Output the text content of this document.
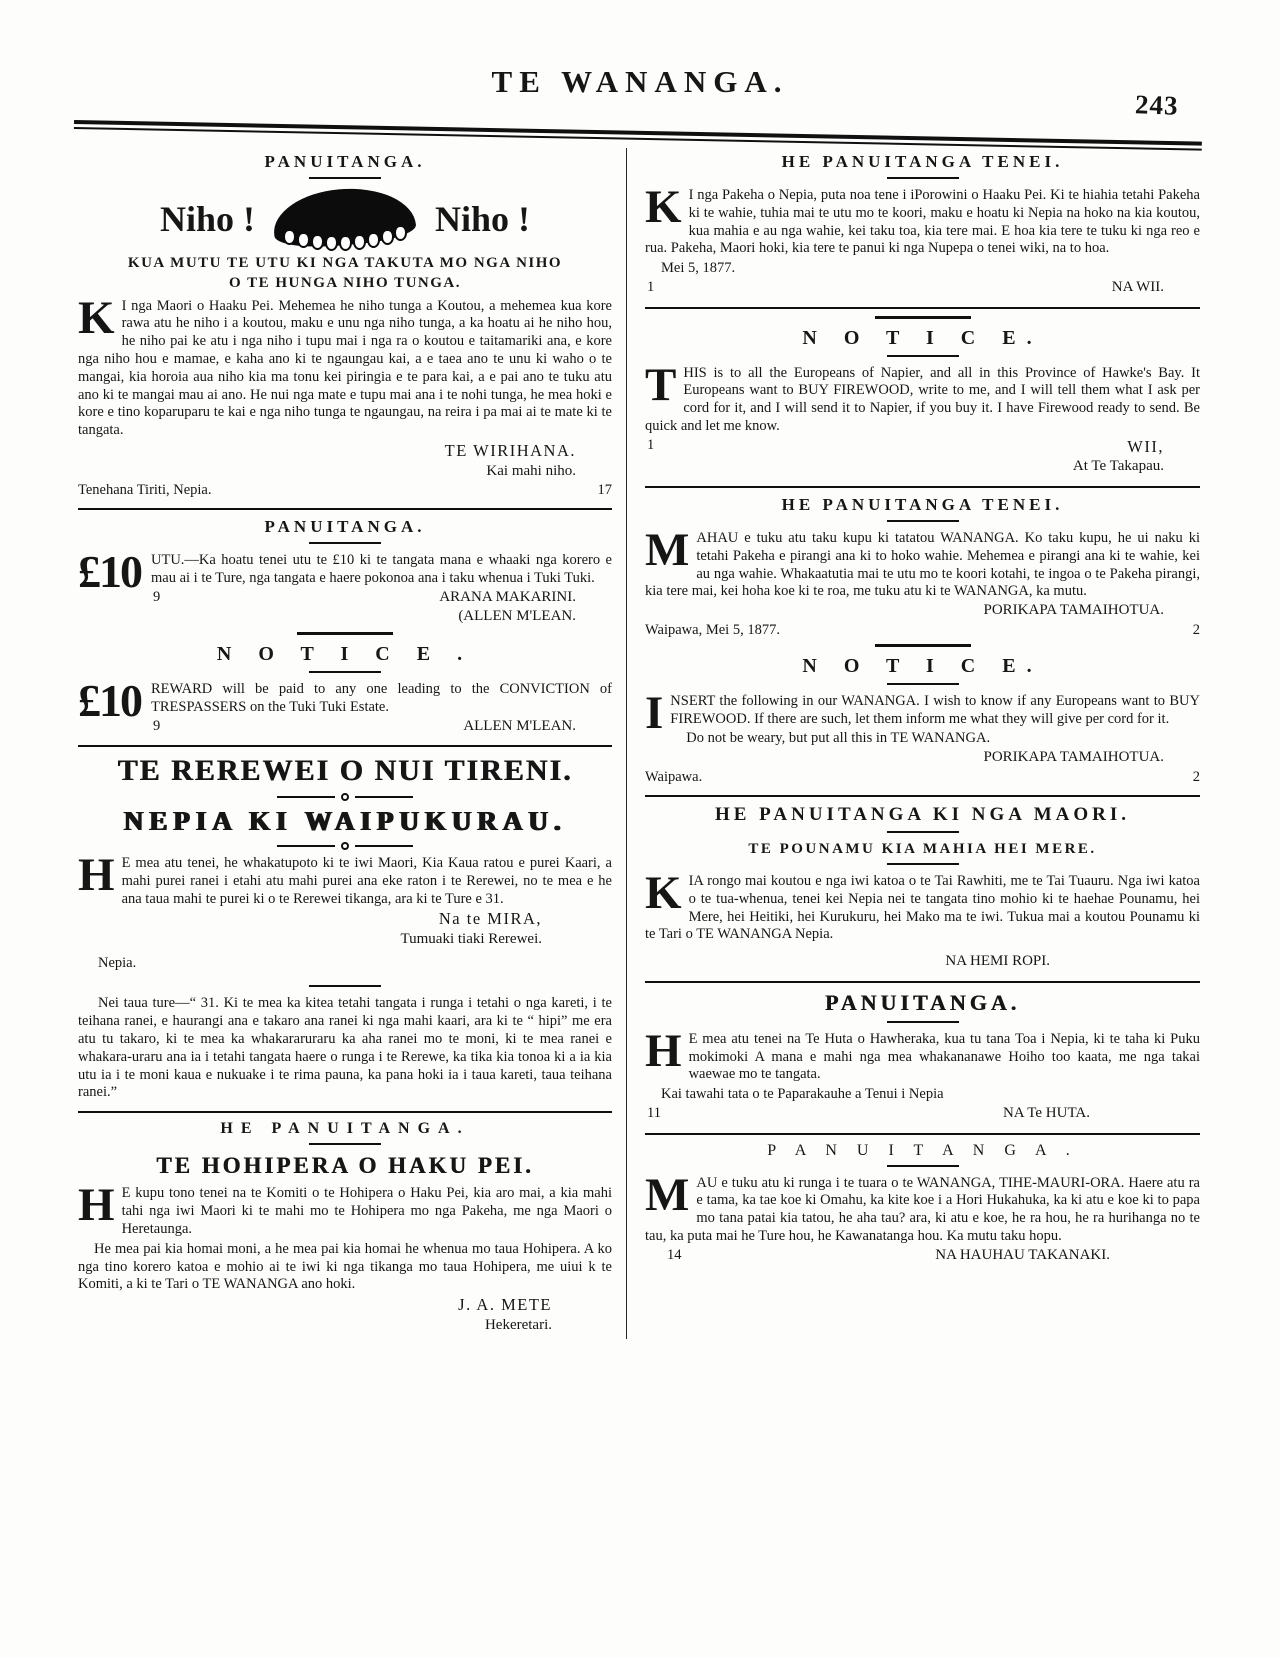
TE WANANGA.
243
PANUITANGA.
Niho !	Niho !
KUA MUTU TE UTU KI NGA TAKUTA MO NGA NIHO
O TE HUNGA NIHO TUNGA.

K I nga Maori o Haaku Pei. Mehemea he niho tunga a Koutou, a mehemea kua kore rawa atu he niho i a koutou, maku e unu nga niho tunga, a ka hoatu ai he niho hou, he niho pai ke atu i nga niho i tupu mai i nga ra o koutou e taitamariki ana, e kore nga niho hou e mamae, e kaha ano ki te ngaungau kai, a e taea ano te unu ki waho o te mangai, kia horoia aua niho kia ma tonu kei piringia e te para kai, a e pai ano te tuku atu ano ki te mangai mau ai ano. He nui nga mate e tupu mai ana i te nohi tunga, he mea hoki e kore e tino koparuparu te kai e nga niho tunga te ngaungau, na reira i pa mai ai te mate ki te tangata.

TE WIRIHANA.
Kai mahi niho.
Tenehana Tiriti, Nepia.	17
PANUITANGA.

£10 UTU.—Ka hoatu tenei utu te £10 ki te tangata mana e whaaki nga korero e mau ai i te Ture, nga tangata e haere pokonoa ana i taku whenua i Tuki Tuki.

9	ARANA MAKARINI.
(ALLEN M'LEAN.
N O T I C E .

£10 REWARD will be paid to any one leading to the CONVICTION of TRESPASSERS on the Tuki Tuki Estate.

9	ALLEN M'LEAN.
TE REREWEI O NUI TIRENI.
NEPIA KI WAIPUKURAU.

H E mea atu tenei, he whakatupoto ki te iwi Maori, Kia Kaua ratou e purei Kaari, a mahi purei ranei i etahi atu mahi purei ana eke raton i te Rerewei, no te mea e he ana taua mahi te purei ki o te Rerewei tikanga, ara ki te Ture e 31.

Na te MIRA,
Tumuaki tiaki Rerewei.

Nepia.

Nei taua ture—“ 31. Ki te mea ka kitea tetahi tangata i runga i tetahi o nga kareti, i te teihana ranei, e haurangi ana e takaro ana ranei ki nga mahi kaari, ara ki te “ hipi” me era atu tu takaro, ki te mea ka whakararuraru ka aha ranei mo te moni, ki te mea ranei e whakara-uraru ana ia i tetahi tangata haere o runga i te Rerewe, ka tika kia tonoa ki a ia kia utu ia i te moni kaua e nukuake i te rima pauna, ka pana hoki ia i taua kareti, taua teihana ranei.”

HE PANUITANGA.
TE HOHIPERA O HAKU PEI.

H E kupu tono tenei na te Komiti o te Hohipera o Haku Pei, kia aro mai, a kia mahi tahi nga iwi Maori ki te mahi mo te Hohipera mo nga Pakeha, me nga Maori o Heretaunga.

He mea pai kia homai moni, a he mea pai kia homai he whenua mo taua Hohipera. A ko nga tino korero katoa e mohio ai te iwi ki nga tikanga mo taua Hohipera, me uiui k te Komiti, a ki te Tari o TE WANANGA ano hoki.

J. A. METE
Hekeretari.
HE PANUITANGA TENEI.

K I nga Pakeha o Nepia, puta noa tene i iPorowini o Haaku Pei. Ki te hiahia tetahi Pakeha ki te wahie, tuhia mai te utu mo te koori, maku e hoatu ki Nepia na hoko na kia koutou, kua mahia e au nga wahie, kei taku toa, kia tere mai. E hoa kia tere te tuku ki nga reo e rua. Pakeha, Maori hoki, kia tere te panui ki nga Nupepa o tenei wiki, na to hoa.

Mei 5, 1877.

1	NA WII.
N O T I C E.

THIS is to all the Europeans of Napier, and all in this Province of Hawke's Bay. It Europeans want to BUY FIREWOOD, write to me, and I will tell them what I ask per cord for it, and I will send it to Napier, if you buy it. I have Firewood ready to send. Be quick and let me know.

1	WII,
At Te Takapau.
HE PANUITANGA TENEI.

MAHAU e tuku atu taku kupu ki tatatou WANANGA. Ko taku kupu, he ui naku ki tetahi Pakeha e pirangi ana ki to hoko wahie. Mehemea e pirangi ana ki te wahie, kei au nga wahie. Whakaatutia mai te utu mo te koori kotahi, te ingoa o te Pakeha pirangi, kia tere mai, kei hoha koe ki te roa, me tuku atu ki te WANANGA, ka mutu.

PORIKAPA TAMAIHOTUA.
Waipawa, Mei 5, 1877.	2
N O T I C E.

INSERT the following in our WANANGA. I wish to know if any Europeans want to BUY FIREWOOD. If there are such, let them inform me what they will give per cord for it.

Do not be weary, but put all this in TE WANANGA.

PORIKAPA TAMAIHOTUA.
Waipawa.	2
HE PANUITANGA KI NGA MAORI.
TE POUNAMU KIA MAHIA HEI MERE.

KIA rongo mai koutou e nga iwi katoa o te Tai Rawhiti, me te Tai Tuauru. Nga iwi katoa o te tua-whenua, tenei kei Nepia nei te tangata tino mohio ki te haehae Pounamu, hei Mere, hei Heitiki, hei Kurukuru, hei Mako ma te iwi. Tukua mai a koutou Pounamu ki te Tari o TE WANANGA Nepia.

NA HEMI ROPI.
PANUITANGA.

H E mea atu tenei na Te Huta o Hawheraka, kua tu tana Toa i Nepia, ki te taha ki Puku mokimoki A mana e mahi nga mea whakananawe Hoiho too kaata, me nga takai waewae mo te tangata.

Kai tawahi tata o te Paparakauhe a Tenui i Nepia

11	NA Te HUTA.
P A N U I T A N G A .

MAU e tuku atu ki runga i te tuara o te WANANGA, TIHE-MAURI-ORA. Haere atu ra e tama, ka tae koe ki Omahu, ka kite koe i a Hori Hukahuka, ka ki atu e koe ki to papa mo tana patai kia tatou, he aha tau? ara, ki atu e koe, he ra hou, he ra hurihanga no te tau, ka puta mai he Ture hou, he Kawanatanga hou. Ka mutu taku hopu.

14	NA HAUHAU TAKANAKI.
